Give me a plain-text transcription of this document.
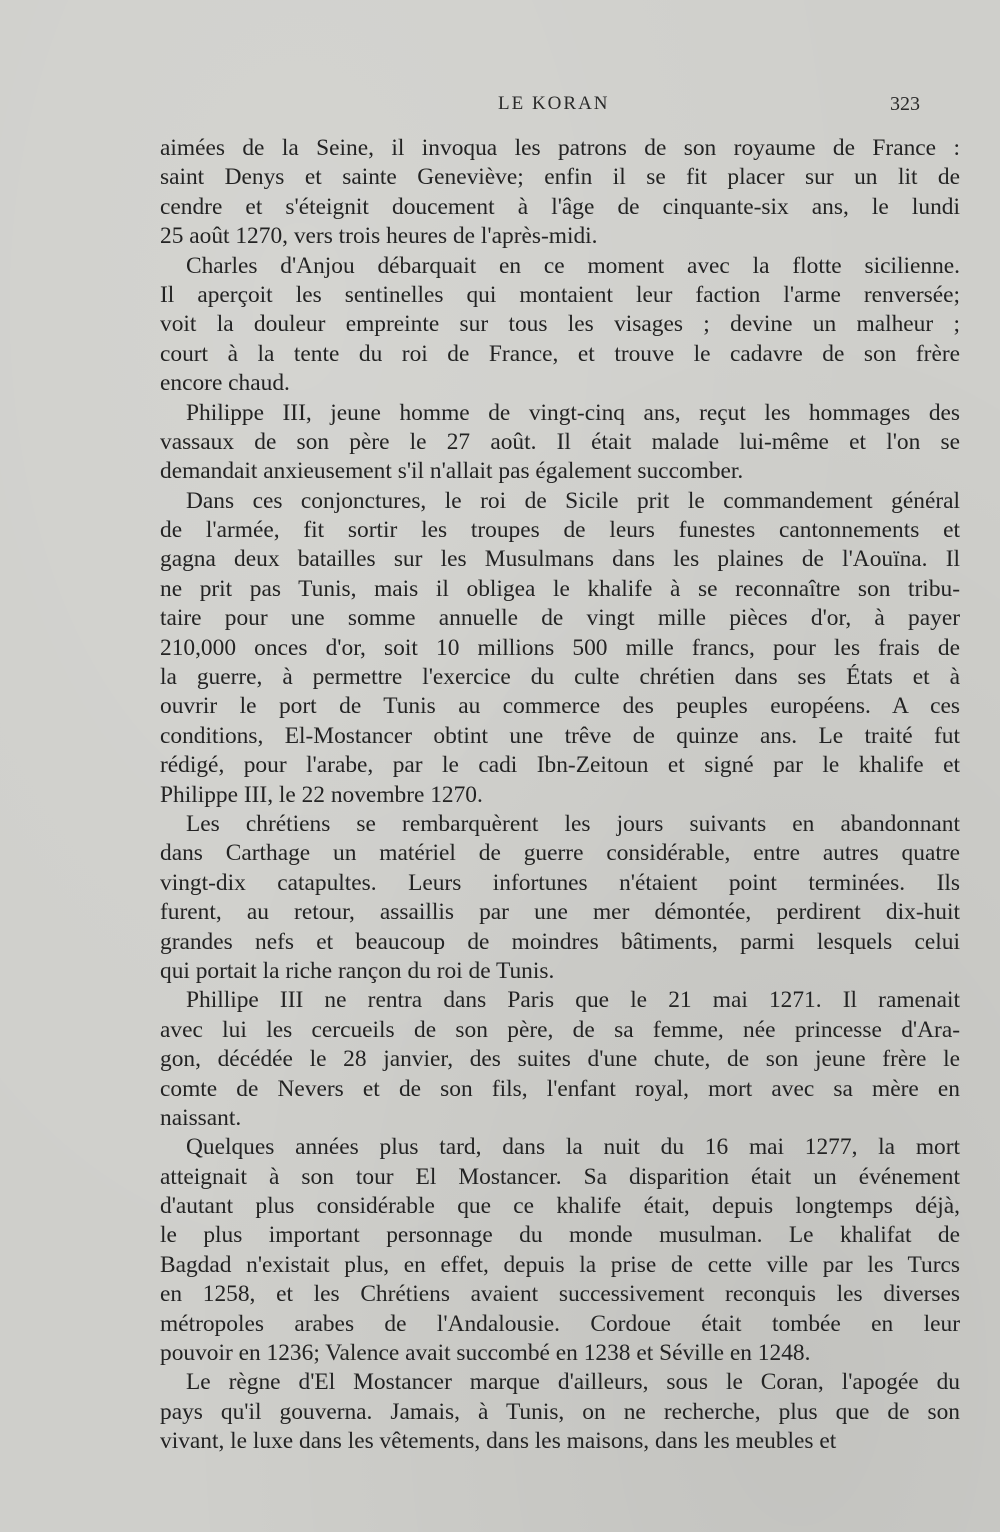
LE KORAN	323
aimées de la Seine, il invoqua les patrons de son royaume de France :
saint Denys et sainte Geneviève; enfin il se fit placer sur un lit de
cendre et s'éteignit doucement à l'âge de cinquante-six ans, le lundi
25 août 1270, vers trois heures de l'après-midi.
Charles d'Anjou débarquait en ce moment avec la flotte sicilienne.
Il aperçoit les sentinelles qui montaient leur faction l'arme renversée;
voit la douleur empreinte sur tous les visages ; devine un malheur ;
court à la tente du roi de France, et trouve le cadavre de son frère
encore chaud.
Philippe III, jeune homme de vingt-cinq ans, reçut les hommages des
vassaux de son père le 27 août. Il était malade lui-même et l'on se
demandait anxieusement s'il n'allait pas également succomber.
Dans ces conjonctures, le roi de Sicile prit le commandement général
de l'armée, fit sortir les troupes de leurs funestes cantonnements et
gagna deux batailles sur les Musulmans dans les plaines de l'Aouïna. Il
ne prit pas Tunis, mais il obligea le khalife à se reconnaître son tribu-
taire pour une somme annuelle de vingt mille pièces d'or, à payer
210,000 onces d'or, soit 10 millions 500 mille francs, pour les frais de
la guerre, à permettre l'exercice du culte chrétien dans ses États et à
ouvrir le port de Tunis au commerce des peuples européens. A ces
conditions, El-Mostancer obtint une trêve de quinze ans. Le traité fut
rédigé, pour l'arabe, par le cadi Ibn-Zeitoun et signé par le khalife et
Philippe III, le 22 novembre 1270.
Les chrétiens se rembarquèrent les jours suivants en abandonnant
dans Carthage un matériel de guerre considérable, entre autres quatre
vingt-dix catapultes. Leurs infortunes n'étaient point terminées. Ils
furent, au retour, assaillis par une mer démontée, perdirent dix-huit
grandes nefs et beaucoup de moindres bâtiments, parmi lesquels celui
qui portait la riche rançon du roi de Tunis.
Phillipe III ne rentra dans Paris que le 21 mai 1271. Il ramenait
avec lui les cercueils de son père, de sa femme, née princesse d'Ara-
gon, décédée le 28 janvier, des suites d'une chute, de son jeune frère le
comte de Nevers et de son fils, l'enfant royal, mort avec sa mère en
naissant.
Quelques années plus tard, dans la nuit du 16 mai 1277, la mort
atteignait à son tour El Mostancer. Sa disparition était un événement
d'autant plus considérable que ce khalife était, depuis longtemps déjà,
le plus important personnage du monde musulman. Le khalifat de
Bagdad n'existait plus, en effet, depuis la prise de cette ville par les Turcs
en 1258, et les Chrétiens avaient successivement reconquis les diverses
métropoles arabes de l'Andalousie. Cordoue était tombée en leur
pouvoir en 1236; Valence avait succombé en 1238 et Séville en 1248.
Le règne d'El Mostancer marque d'ailleurs, sous le Coran, l'apogée du
pays qu'il gouverna. Jamais, à Tunis, on ne recherche, plus que de son
vivant, le luxe dans les vêtements, dans les maisons, dans les meubles et
